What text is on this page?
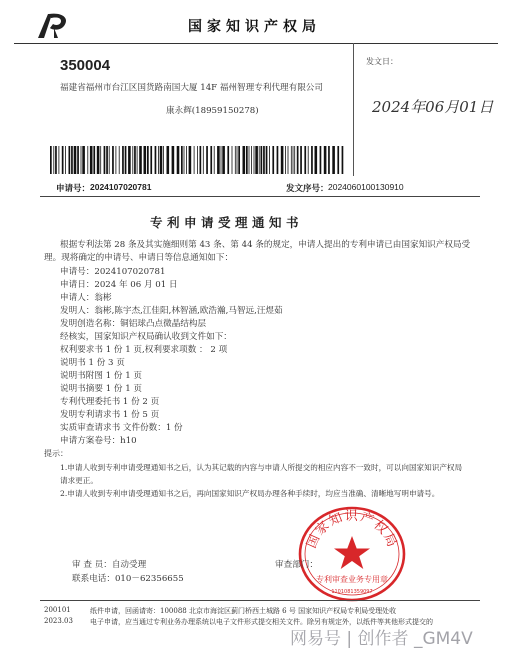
国家知识产权局
350004
福建省福州市台江区国货路南国大厦 14F 福州智理专利代理有限公司
康永辉(18959150278)
发文日：
2024年06月01日
申请号： 2024107020781	发文序号： 2024060100130910
专利申请受理通知书
根据专利法第 28 条及其实施细则第 43 条、第 44 条的规定，申请人提出的专利申请已由国家知识产权局受理。现将确定的申请号、申请日等信息通知如下：
申请号：2024107020781
申请日：2024 年 06 月 01 日
申请人：翁彬
发明人：翁彬,陈宇杰,江佳阳,林智涵,欧浩瀚,马智远,汪煜茹
发明创造名称：铜铝球凸点微晶结构层
经核实，国家知识产权局确认收到文件如下：
权利要求书 1 份 1 页,权利要求项数 ： 2 项
说明书 1 份 3 页
说明书附图 1 份 1 页
说明书摘要 1 份 1 页
专利代理委托书 1 份 2 页
发明专利请求书 1 份 5 页
实质审查请求书 文件份数：1 份
申请方案卷号：h10
提示：
1.申请人收到专利申请受理通知书之后，认为其记载的内容与申请人所提交的相应内容不一致时，可以向国家知识产权局
请求更正。
2.申请人收到专利申请受理通知书之后，再向国家知识产权局办理各种手续时，均应当准确、清晰地写明申请号。
国家知识产权局
专利审查业务专用章
1101081359097
审 查 员：自动受理
联系电话：010－62356655
审查部门：
200101
2023.03
纸件申请，回函请寄：100088 北京市海淀区蓟门桥西土城路 6 号 国家知识产权局专利局受理处收
电子申请，应当通过专利业务办理系统以电子文件形式提交相关文件。除另有规定外，以纸件等其他形式提交的
网易号 | 创作者 _GM4V
